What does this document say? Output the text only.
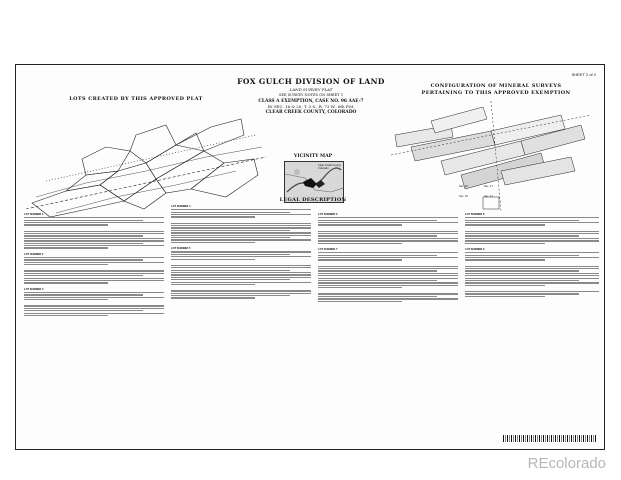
SHEET 2 of 2
FOX GULCH DIVISION OF LAND
LAND SURVEY PLAT
SEE SURVEY NOTES ON SHEET 1
CLASS A EXEMPTION, CASE NO. 96 AAE-7
IN SEC. 16 & 20, T. 3 S., R. 73 W., 6th P.M.
CLEAR CREEK COUNTY, COLORADO
LOTS CREATED BY THIS APPROVED PLAT
CONFIGURATION OF MINERAL SURVEYS
PERTAINING TO THIS APPROVED EXEMPTION
Sec. 16	Sec. 17
Sec. 20	Sec. 21
VICINITY MAP
Clear Creek County Colorado
LEGAL DESCRIPTION
LOT NUMBER 1
LOT NUMBER 2
LOT NUMBER 3
LOT NUMBER 4
LOT NUMBER 5
LOT NUMBER 6
LOT NUMBER 7
LOT NUMBER 8
LOT NUMBER 9
REcolorado
